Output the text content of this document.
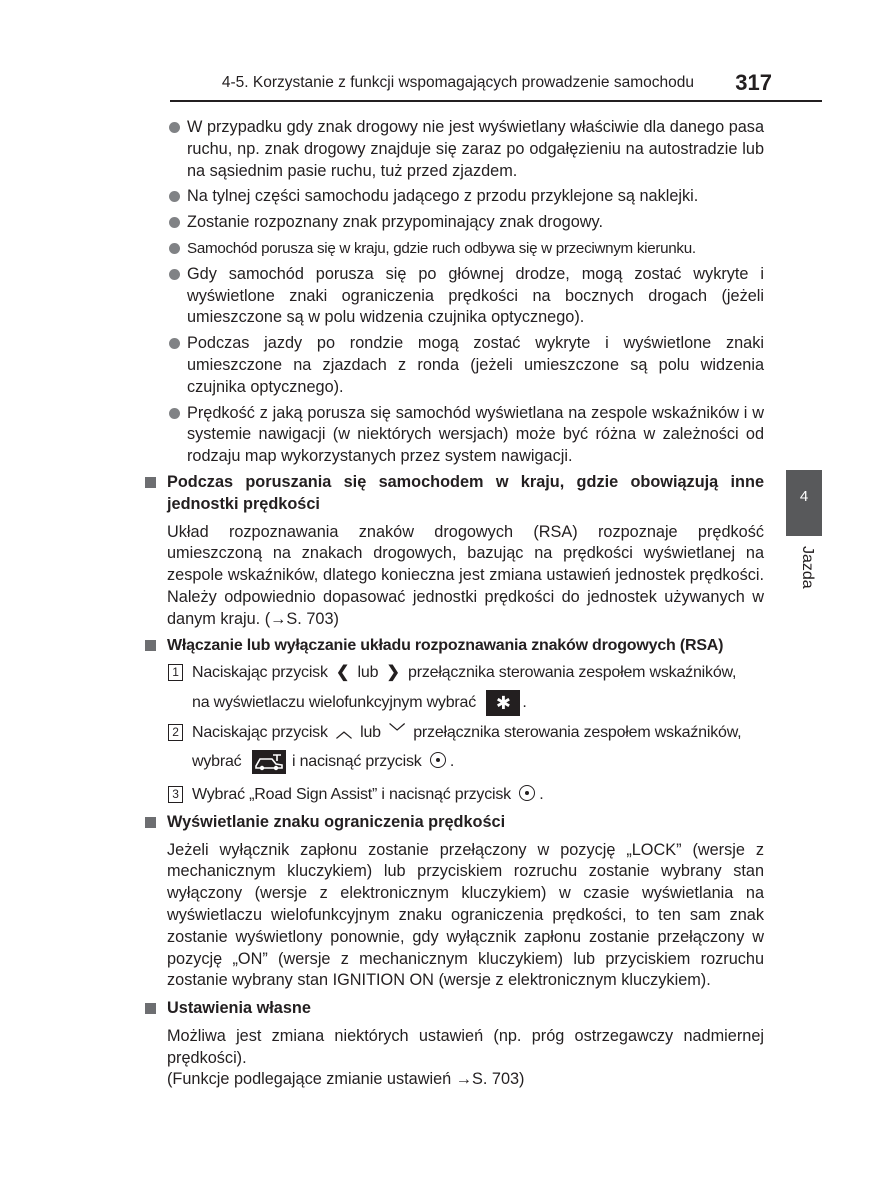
4-5. Korzystanie z funkcji wspomagających prowadzenie samochodu	317
4
Jazda
W przypadku gdy znak drogowy nie jest wyświetlany właściwie dla danego pasa ruchu, np. znak drogowy znajduje się zaraz po odgałęzieniu na autostradzie lub na sąsiednim pasie ruchu, tuż przed zjazdem.
Na tylnej części samochodu jadącego z przodu przyklejone są naklejki.
Zostanie rozpoznany znak przypominający znak drogowy.
Samochód porusza się w kraju, gdzie ruch odbywa się w przeciwnym kierunku.
Gdy samochód porusza się po głównej drodze, mogą zostać wykryte i wyświetlone znaki ograniczenia prędkości na bocznych drogach (jeżeli umieszczone są w polu widzenia czujnika optycznego).
Podczas jazdy po rondzie mogą zostać wykryte i wyświetlone znaki umieszczone na zjazdach z ronda (jeżeli umieszczone są polu widzenia czujnika optycznego).
Prędkość z jaką porusza się samochód wyświetlana na zespole wskaźników i w systemie nawigacji (w niektórych wersjach) może być różna w zależności od rodzaju map wykorzystanych przez system nawigacji.
Podczas poruszania się samochodem w kraju, gdzie obowiązują inne jednostki prędkości
Układ rozpoznawania znaków drogowych (RSA) rozpoznaje prędkość umieszczoną na znakach drogowych, bazując na prędkości wyświetlanej na zespole wskaźników, dlatego konieczna jest zmiana ustawień jednostek prędkości. Należy odpowiednio dopasować jednostki prędkości do jednostek używanych w danym kraju. (→S. 703)
Włączanie lub wyłączanie układu rozpoznawania znaków drogowych (RSA)
1 Naciskając przycisk ❮ lub ❯ przełącznika sterowania zespołem wskaźników,
na wyświetlaczu wielofunkcyjnym wybrać ✱ .
2 Naciskając przycisk ︿ lub ﹀ przełącznika sterowania zespołem wskaźników,
wybrać	i nacisnąć przycisk .
3 Wybrać „Road Sign Assist” i nacisnąć przycisk .
Wyświetlanie znaku ograniczenia prędkości
Jeżeli wyłącznik zapłonu zostanie przełączony w pozycję „LOCK” (wersje z mechanicznym kluczykiem) lub przyciskiem rozruchu zostanie wybrany stan wyłączony (wersje z elektronicznym kluczykiem) w czasie wyświetlania na wyświetlaczu wielofunkcyjnym znaku ograniczenia prędkości, to ten sam znak zostanie wyświetlony ponownie, gdy wyłącznik zapłonu zostanie przełączony w pozycję „ON” (wersje z mechanicznym kluczykiem) lub przyciskiem rozruchu zostanie wybrany stan IGNITION ON (wersje z elektronicznym kluczykiem).
Ustawienia własne
Możliwa jest zmiana niektórych ustawień (np. próg ostrzegawczy nadmiernej prędkości).
(Funkcje podlegające zmianie ustawień →S. 703)
